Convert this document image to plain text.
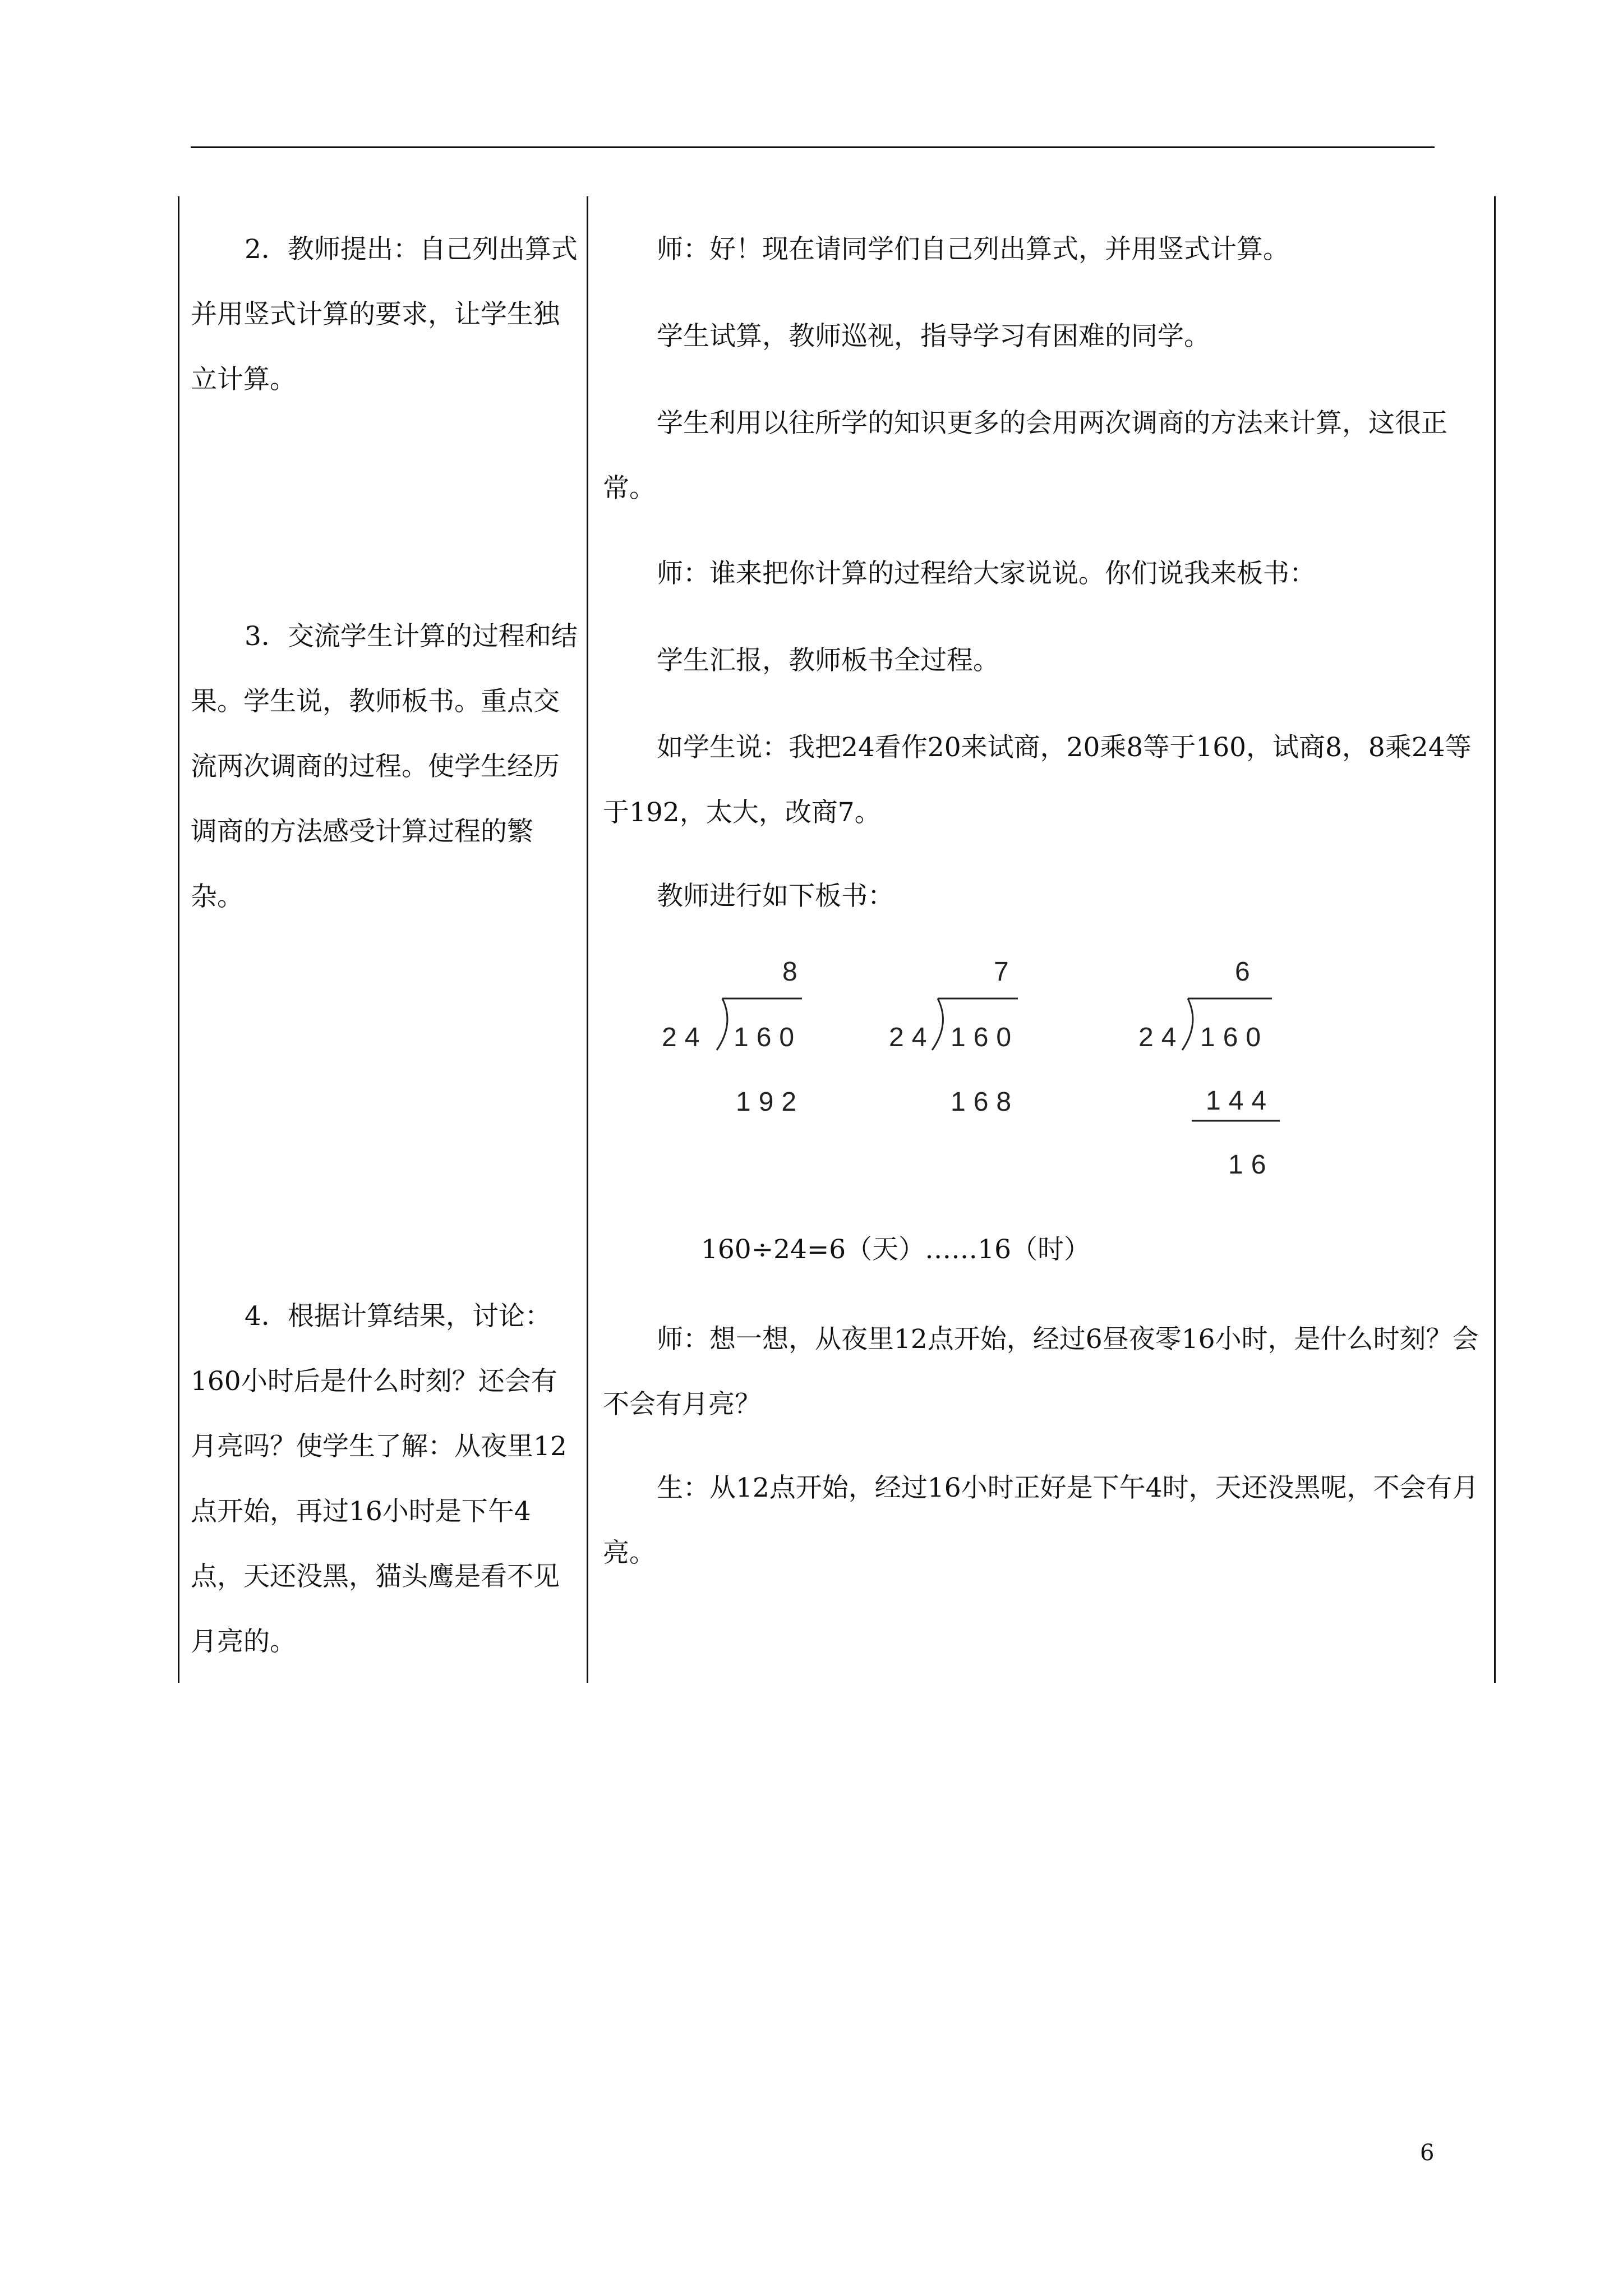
2．教师提出：自己列出算式并用竖式计算的要求，让学生独立计算。

3．交流学生计算的过程和结果。学生说，教师板书。重点交流两次调商的过程。使学生经历调商的方法感受计算过程的繁杂。

4．根据计算结果，讨论：160小时后是什么时刻？还会有月亮吗？使学生了解：从夜里12点开始，再过16小时是下午4点，天还没黑，猫头鹰是看不见月亮的。

师：好！现在请同学们自己列出算式，并用竖式计算。

学生试算，教师巡视，指导学习有困难的同学。

学生利用以往所学的知识更多的会用两次调商的方法来计算，这很正常。

师：谁来把你计算的过程给大家说说。你们说我来板书：

学生汇报，教师板书全过程。

如学生说：我把24看作20来试商，20乘8等于160，试商8，8乘24等于192，太大，改商7。

教师进行如下板书：

8
24 160
192
7
24 160
168
6
24 160
144
16

160÷24=6（天）……16（时）

师：想一想，从夜里12点开始，经过6昼夜零16小时，是什么时刻？会不会有月亮？

生：从12点开始，经过16小时正好是下午4时，天还没黑呢，不会有月亮。

6
